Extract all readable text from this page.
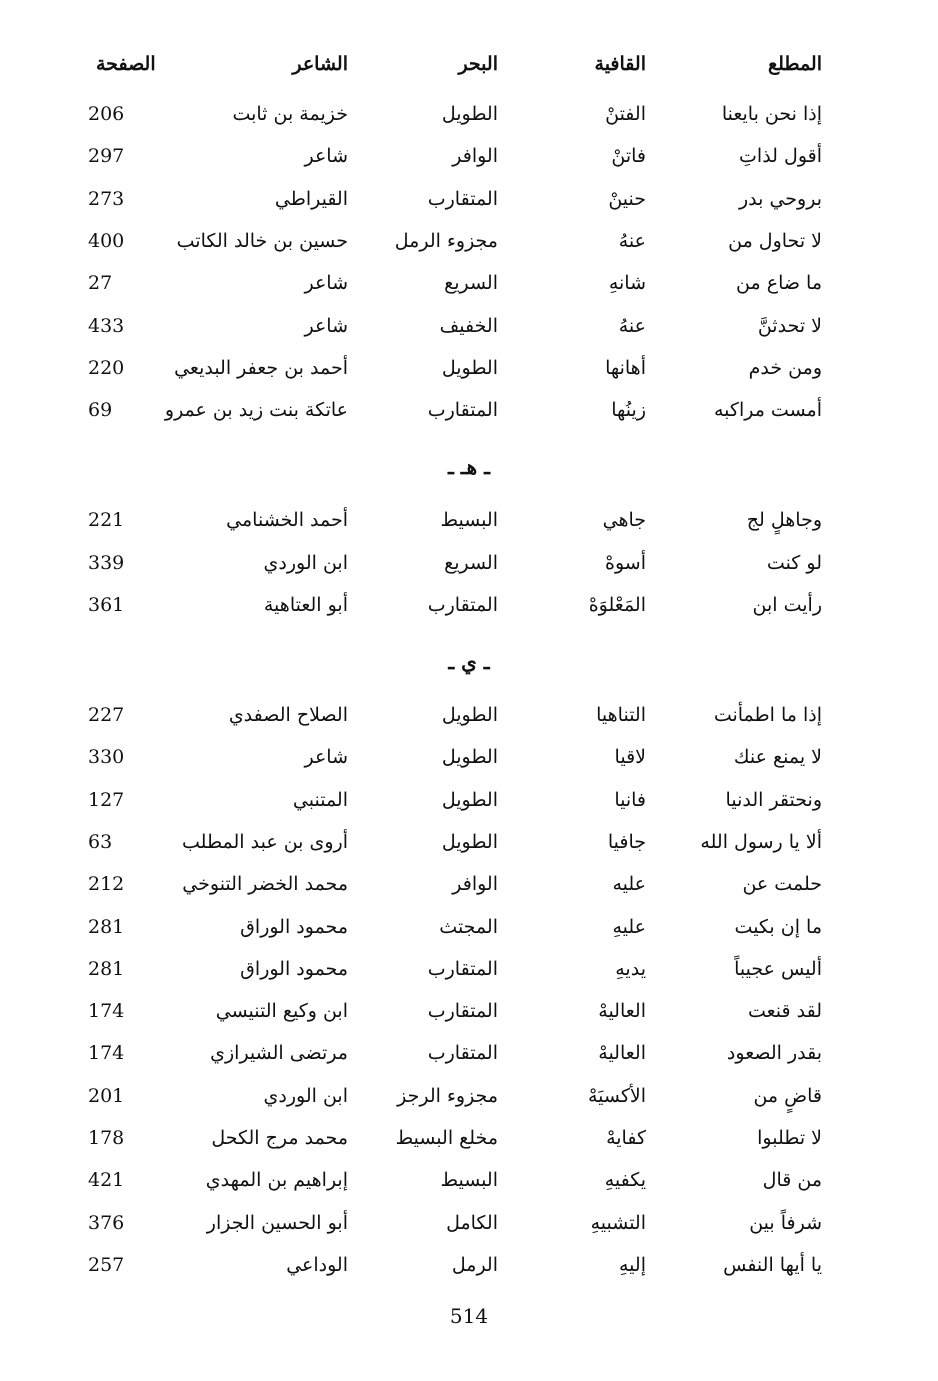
المطلع
القافية
البحر
الشاعر
الصفحة
إذا نحن بايعنا
الفتنْ
الطويل
خزيمة بن ثابت
206
أقول لذاتِ
فاتنْ
الوافر
شاعر
297
بروحي بدر
حنينْ
المتقارب
القيراطي
273
لا تحاول من
عنهُ
مجزوء الرمل
حسين بن خالد الكاتب
400
ما ضاع من
شانهِ
السريع
شاعر
27
لا تحدثنَّ
عنهُ
الخفيف
شاعر
433
ومن خدم
أهانها
الطويل
أحمد بن جعفر البديعي
220
أمست مراكبه
زينُها
المتقارب
عاتكة بنت زيد بن عمرو
69
ـ هـ ـ
وجاهلٍ لج
جاهي
البسيط
أحمد الخشنامي
221
لو كنت
أسوهْ
السريع
ابن الوردي
339
رأيت ابن
المَعْلوَهْ
المتقارب
أبو العتاهية
361
ـ ي ـ
إذا ما اطمأنت
التناهيا
الطويل
الصلاح الصفدي
227
لا يمنع عنك
لاقيا
الطويل
شاعر
330
ونحتقر الدنيا
فانيا
الطويل
المتنبي
127
ألا يا رسول الله
جافيا
الطويل
أروى بن عبد المطلب
63
حلمت عن
عليه
الوافر
محمد الخضر التنوخي
212
ما إن بكيت
عليهِ
المجتث
محمود الوراق
281
أليس عجيباً
يديهِ
المتقارب
محمود الوراق
281
لقد قنعت
العاليهْ
المتقارب
ابن وكيع التنيسي
174
بقدر الصعود
العاليهْ
المتقارب
مرتضى الشيرازي
174
قاضٍ من
الأكسيَهْ
مجزوء الرجز
ابن الوردي
201
لا تطلبوا
كفايهْ
مخلع البسيط
محمد مرج الكحل
178
من قال
يكفيهِ
البسيط
إبراهيم بن المهدي
421
شرفاً بين
التشبيهِ
الكامل
أبو الحسين الجزار
376
يا أيها النفس
إليهِ
الرمل
الوداعي
257
514
